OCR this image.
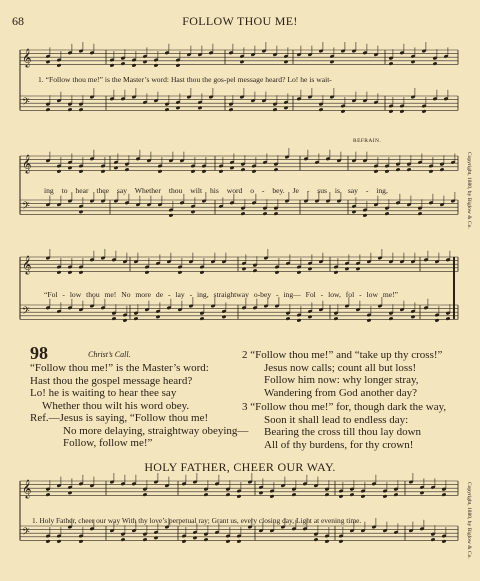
68	FOLLOW THOU ME!
𝄞
𝄢
𝄞
𝄢
𝄞
𝄢
𝄞
𝄢
1. “Follow thou me!” is the Master’s word: Hast thou the gos-pel message heard? Lo! he is wait-
REFRAIN.
ing to hear thee say Whether thou wilt his word o - bey. Je - sus is say - ing,
“Fol - low thou me! No more de - lay - ing, straightway o-bey - ing— Fol - low, fol - low me!”
Copyright, 1880, by Biglow & Co.
98	Christ’s Call.
“Follow thou me!” is the Master’s word:
Hast thou the gospel message heard?
Lo! he is waiting to hear thee say
Whether thou wilt his word obey.
Ref.—Jesus is saying, “Follow thou me!
No more delaying, straightway obeying—
Follow, follow me!”
2 “Follow thou me!” and “take up thy cross!”
Jesus now calls; count all but loss!
Follow him now: why longer stray,
Wandering from God another day?
3 “Follow thou me!” for, though dark the way,
Soon it shall lead to endless day:
Bearing the cross till thou lay down
All of thy burdens, for thy crown!
HOLY FATHER, CHEER OUR WAY.
1. Holy Father, cheer our way With thy love’s perpetual ray; Grant us, every closing day, Light at evening time.	Copyright, 1880, by Biglow & Co.
